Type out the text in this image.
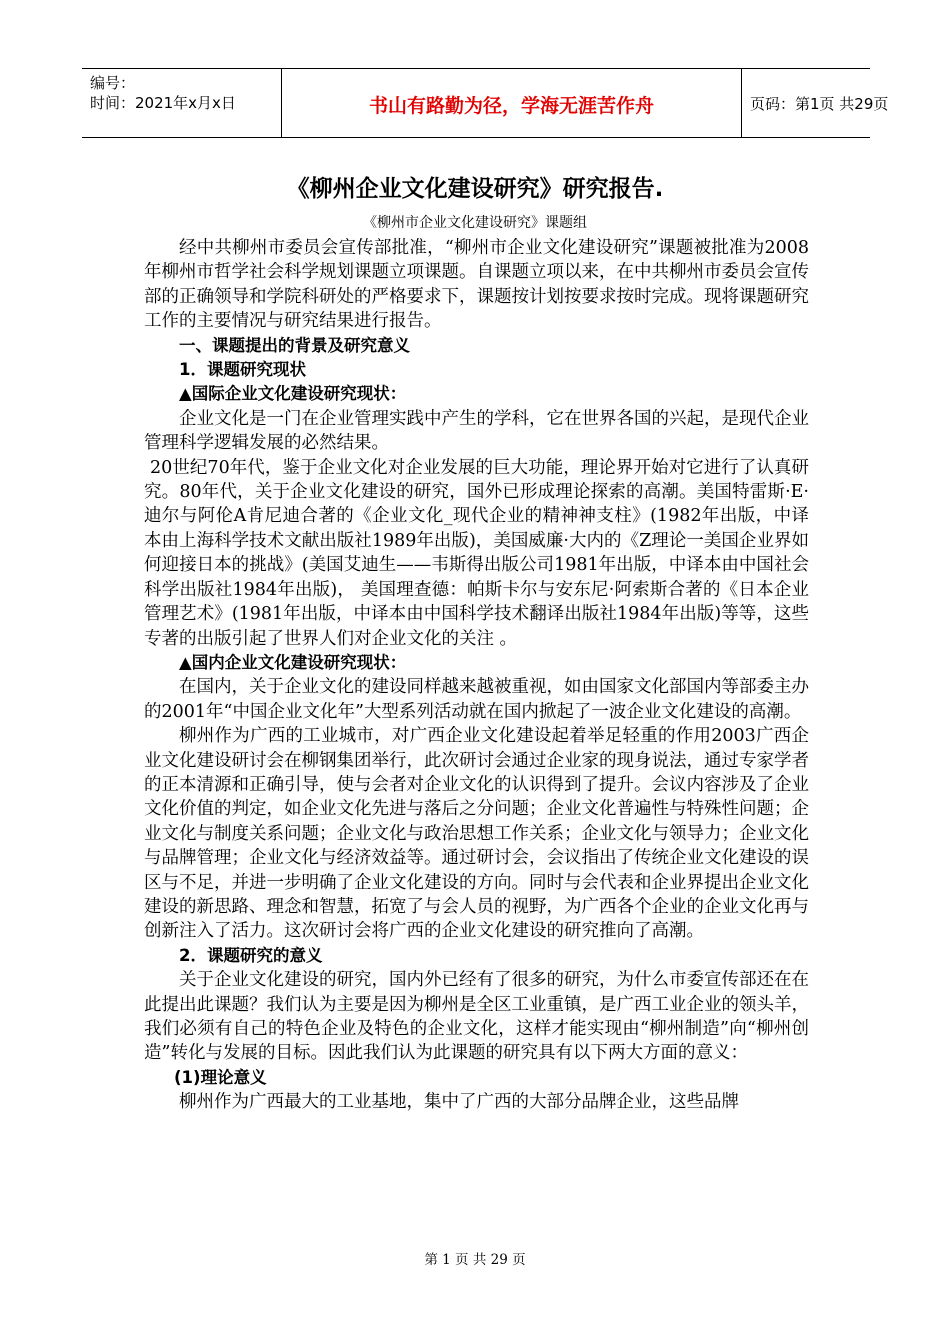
编号：
时间：2021年x月x日	书山有路勤为径，学海无涯苦作舟	页码：第1页 共29页
《柳州企业文化建设研究》研究报告.
《柳州市企业文化建设研究》课题组

经中共柳州市委员会宣传部批准，“柳州市企业文化建设研究”课题被批准为2008年柳州市哲学社会科学规划课题立项课题。自课题立项以来，在中共柳州市委员会宣传部的正确领导和学院科研处的严格要求下，课题按计划按要求按时完成。现将课题研究工作的主要情况与研究结果进行报告。

一、课题提出的背景及研究意义

1．课题研究现状

▲国际企业文化建设研究现状：

企业文化是一门在企业管理实践中产生的学科，它在世界各国的兴起，是现代企业管理科学逻辑发展的必然结果。

20世纪70年代，鉴于企业文化对企业发展的巨大功能，理论界开始对它进行了认真研究。80年代，关于企业文化建设的研究，国外已形成理论探索的高潮。美国特雷斯·E·迪尔与阿伦A肯尼迪合著的《企业文化_现代企业的精神神支柱》(1982年出版，中译本由上海科学技术文献出版社1989年出版)，美国威廉·大内的《Z理论一美国企业界如何迎接日本的挑战》(美国艾迪生——韦斯得出版公司1981年出版，中译本由中国社会科学出版社1984年出版)， 美国理查德：帕斯卡尔与安东尼·阿索斯合著的《日本企业管理艺术》(1981年出版，中译本由中国科学技术翻译出版社1984年出版)等等，这些专著的出版引起了世界人们对企业文化的关注 。

▲国内企业文化建设研究现状：

在国内，关于企业文化的建设同样越来越被重视，如由国家文化部国内等部委主办的2001年“中国企业文化年”大型系列活动就在国内掀起了一波企业文化建设的高潮。

柳州作为广西的工业城市，对广西企业文化建设起着举足轻重的作用2003广西企业文化建设研讨会在柳钢集团举行，此次研讨会通过企业家的现身说法，通过专家学者的正本清源和正确引导，使与会者对企业文化的认识得到了提升。会议内容涉及了企业文化价值的判定，如企业文化先进与落后之分问题；企业文化普遍性与特殊性问题；企业文化与制度关系问题；企业文化与政治思想工作关系；企业文化与领导力；企业文化与品牌管理；企业文化与经济效益等。通过研讨会，会议指出了传统企业文化建设的误区与不足，并进一步明确了企业文化建设的方向。同时与会代表和企业界提出企业文化建设的新思路、理念和智慧，拓宽了与会人员的视野，为广西各个企业的企业文化再与创新注入了活力。这次研讨会将广西的企业文化建设的研究推向了高潮。

2．课题研究的意义

关于企业文化建设的研究，国内外已经有了很多的研究，为什么市委宣传部还在在此提出此课题？我们认为主要是因为柳州是全区工业重镇，是广西工业企业的领头羊，我们必须有自己的特色企业及特色的企业文化，这样才能实现由“柳州制造”向“柳州创造”转化与发展的目标。因此我们认为此课题的研究具有以下两大方面的意义：

(1)理论意义

柳州作为广西最大的工业基地，集中了广西的大部分品牌企业，这些品牌

第 1 页 共 29 页
